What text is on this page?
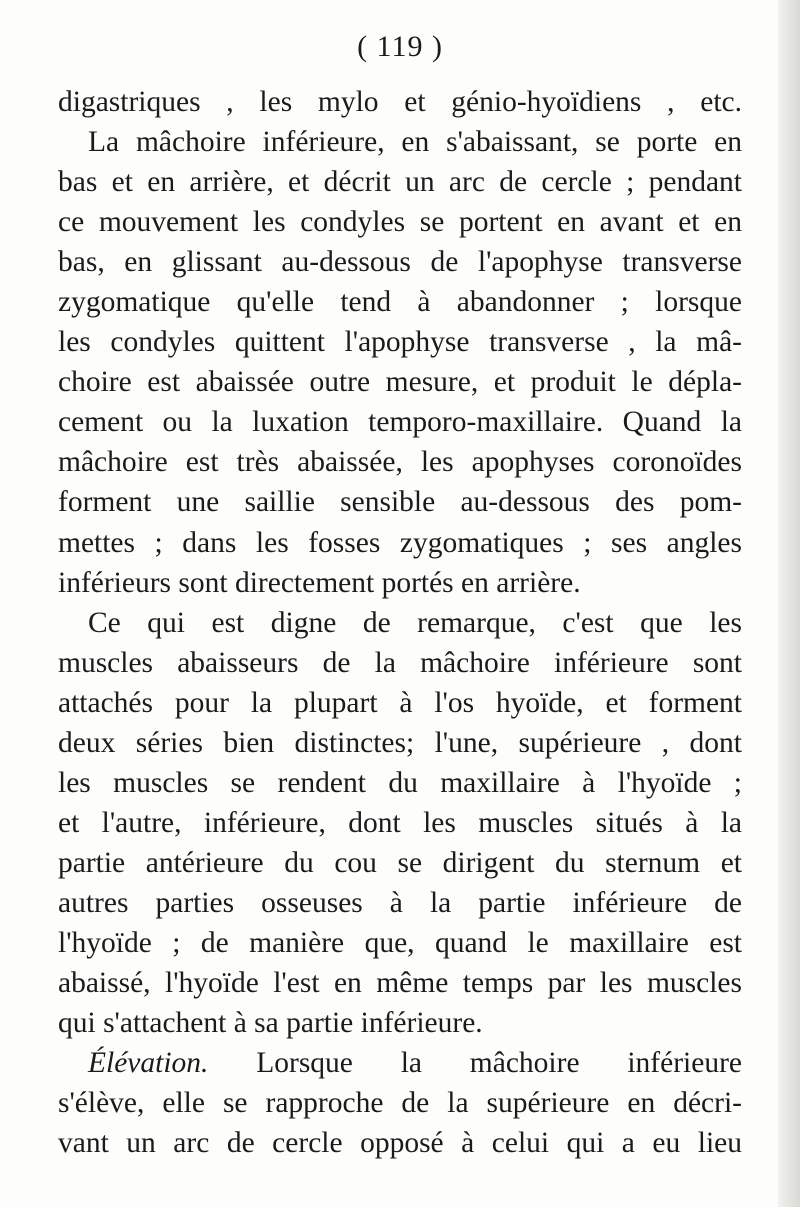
( 119 )
digastriques , les mylo et génio-hyoïdiens , etc.
La mâchoire inférieure, en s'abaissant, se porte en
bas et en arrière, et décrit un arc de cercle ; pendant
ce mouvement les condyles se portent en avant et en
bas, en glissant au-dessous de l'apophyse transverse
zygomatique qu'elle tend à abandonner ; lorsque
les condyles quittent l'apophyse transverse , la mâ-
choire est abaissée outre mesure, et produit le dépla-
cement ou la luxation temporo-maxillaire. Quand la
mâchoire est très abaissée, les apophyses coronoïdes
forment une saillie sensible au-dessous des pom-
mettes ; dans les fosses zygomatiques ; ses angles
inférieurs sont directement portés en arrière.
Ce qui est digne de remarque, c'est que les
muscles abaisseurs de la mâchoire inférieure sont
attachés pour la plupart à l'os hyoïde, et forment
deux séries bien distinctes; l'une, supérieure , dont
les muscles se rendent du maxillaire à l'hyoïde ;
et l'autre, inférieure, dont les muscles situés à la
partie antérieure du cou se dirigent du sternum et
autres parties osseuses à la partie inférieure de
l'hyoïde ; de manière que, quand le maxillaire est
abaissé, l'hyoïde l'est en même temps par les muscles
qui s'attachent à sa partie inférieure.
Élévation. Lorsque la mâchoire inférieure
s'élève, elle se rapproche de la supérieure en décri-
vant un arc de cercle opposé à celui qui a eu lieu
